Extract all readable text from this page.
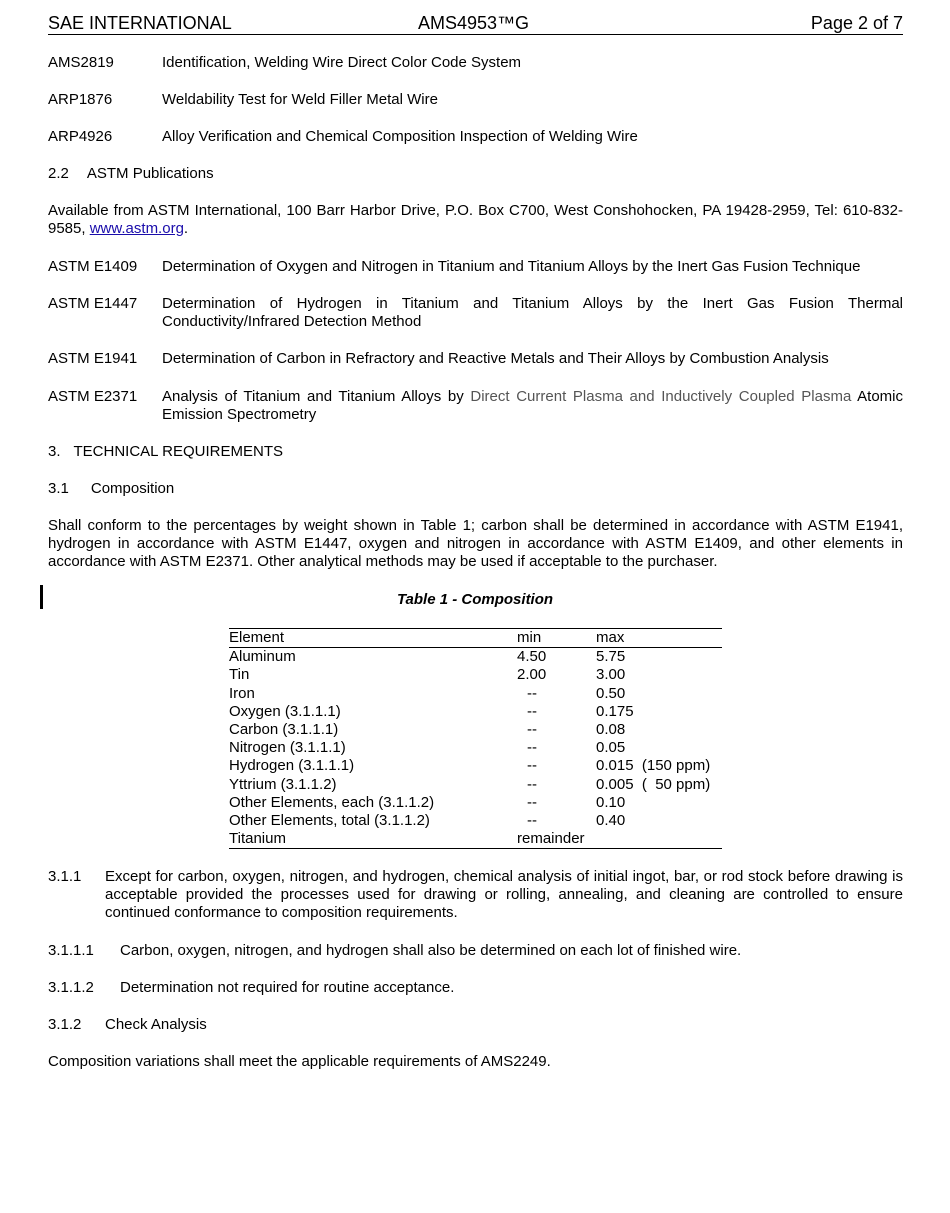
SAE INTERNATIONAL	AMS4953™G	Page 2 of 7
AMS2819	Identification, Welding Wire Direct Color Code System
ARP1876	Weldability Test for Weld Filler Metal Wire
ARP4926	Alloy Verification and Chemical Composition Inspection of Welding Wire
2.2 ASTM Publications
Available from ASTM International, 100 Barr Harbor Drive, P.O. Box C700, West Conshohocken, PA 19428-2959, Tel: 610-832-9585, www.astm.org.
ASTM E1409	Determination of Oxygen and Nitrogen in Titanium and Titanium Alloys by the Inert Gas Fusion Technique
ASTM E1447	Determination of Hydrogen in Titanium and Titanium Alloys by the Inert Gas Fusion Thermal Conductivity/Infrared Detection Method
ASTM E1941	Determination of Carbon in Refractory and Reactive Metals and Their Alloys by Combustion Analysis
ASTM E2371	Analysis of Titanium and Titanium Alloys by Direct Current Plasma and Inductively Coupled Plasma Atomic Emission Spectrometry
3. TECHNICAL REQUIREMENTS
3.1 Composition
Shall conform to the percentages by weight shown in Table 1; carbon shall be determined in accordance with ASTM E1941, hydrogen in accordance with ASTM E1447, oxygen and nitrogen in accordance with ASTM E1409, and other elements in accordance with ASTM E2371. Other analytical methods may be used if acceptable to the purchaser.
Table 1 - Composition
Element	min	max
Aluminum	4.50	5.75
Tin	2.00	3.00
Iron	--	0.50
Oxygen (3.1.1.1)	--	0.175
Carbon (3.1.1.1)	--	0.08
Nitrogen (3.1.1.1)	--	0.05
Hydrogen (3.1.1.1)	--	0.015  (150 ppm)
Yttrium (3.1.1.2)	--	0.005  (  50 ppm)
Other Elements, each (3.1.1.2)	--	0.10
Other Elements, total (3.1.1.2)	--	0.40
Titanium	remainder	
3.1.1 Except for carbon, oxygen, nitrogen, and hydrogen, chemical analysis of initial ingot, bar, or rod stock before drawing is acceptable provided the processes used for drawing or rolling, annealing, and cleaning are controlled to ensure continued conformance to composition requirements.
3.1.1.1 Carbon, oxygen, nitrogen, and hydrogen shall also be determined on each lot of finished wire.
3.1.1.2 Determination not required for routine acceptance.
3.1.2 Check Analysis
Composition variations shall meet the applicable requirements of AMS2249.
